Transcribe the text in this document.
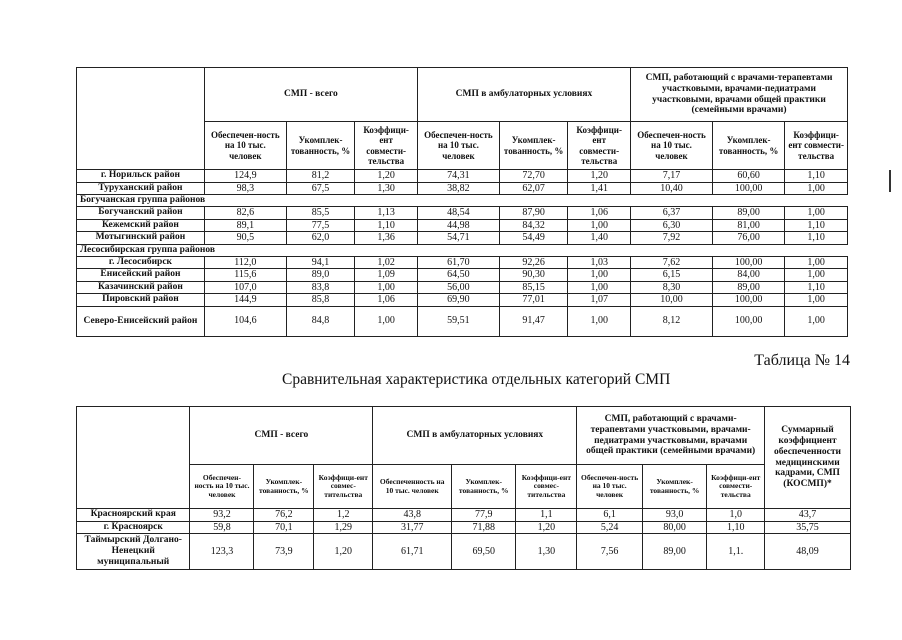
	СМП - всего			СМП в амбулаторных условиях			СМП, работающий с врачами-терапевтами участковыми, врачами-педиатрами участковыми, врачами общей практики (семейными врачами)		
	Обеспечен-ность на 10 тыс. человек	Укомплек-тованность, %	Коэффици-ент совмести-тельства	Обеспечен-ность на 10 тыс. человек	Укомплек-тованность, %	Коэффици-ент совмести-тельства	Обеспечен-ность на 10 тыс. человек	Укомплек-тованность, %	Коэффици-ент совмести-тельства
г. Норильск район	124,9	81,2	1,20	74,31	72,70	1,20	7,17	60,60	1,10
Туруханский район	98,3	67,5	1,30	38,82	62,07	1,41	10,40	100,00	1,00
Богучанская группа районов									
Богучанский район	82,6	85,5	1,13	48,54	87,90	1,06	6,37	89,00	1,00
Кежемский район	89,1	77,5	1,10	44,98	84,32	1,00	6,30	81,00	1,10
Мотыгинский район	90,5	62,0	1,36	54,71	54,49	1,40	7,92	76,00	1,10
Лесосибирская группа районов									
г. Лесосибирск	112,0	94,1	1,02	61,70	92,26	1,03	7,62	100,00	1,00
Енисейский район	115,6	89,0	1,09	64,50	90,30	1,00	6,15	84,00	1,00
Казачинский район	107,0	83,8	1,00	56,00	85,15	1,00	8,30	89,00	1,10
Пировский район	144,9	85,8	1,06	69,90	77,01	1,07	10,00	100,00	1,00
Северо-Енисейский район	104,6	84,8	1,00	59,51	91,47	1,00	8,12	100,00	1,00
Таблица № 14
Сравнительная характеристика отдельных категорий СМП
	СМП - всего			СМП в амбулаторных условиях			СМП, работающий с врачами-терапевтами участковыми, врачами-педиатрами участковыми, врачами общей практики (семейными врачами)			Суммарный коэффициент обеспеченности медицинскими кадрами, СМП (КОСМП)*
	Обеспечен-ность на 10 тыс. человек	Укомплек-тованность, %	Коэффици-ент совмес-тительства	Обеспеченность на 10 тыс. человек	Укомплек-тованность, %	Коэффици-ент совмес-тительства	Обеспечен-ность на 10 тыс. человек	Укомплек-тованность, %	Коэффици-ент совмести-тельства	
Красноярский края	93,2	76,2	1,2	43,8	77,9	1,1	6,1	93,0	1,0	43,7
г. Красноярск	59,8	70,1	1,29	31,77	71,88	1,20	5,24	80,00	1,10	35,75
Таймырский Долгано-Ненецкий муниципальный	123,3	73,9	1,20	61,71	69,50	1,30	7,56	89,00	1,1.	48,09
